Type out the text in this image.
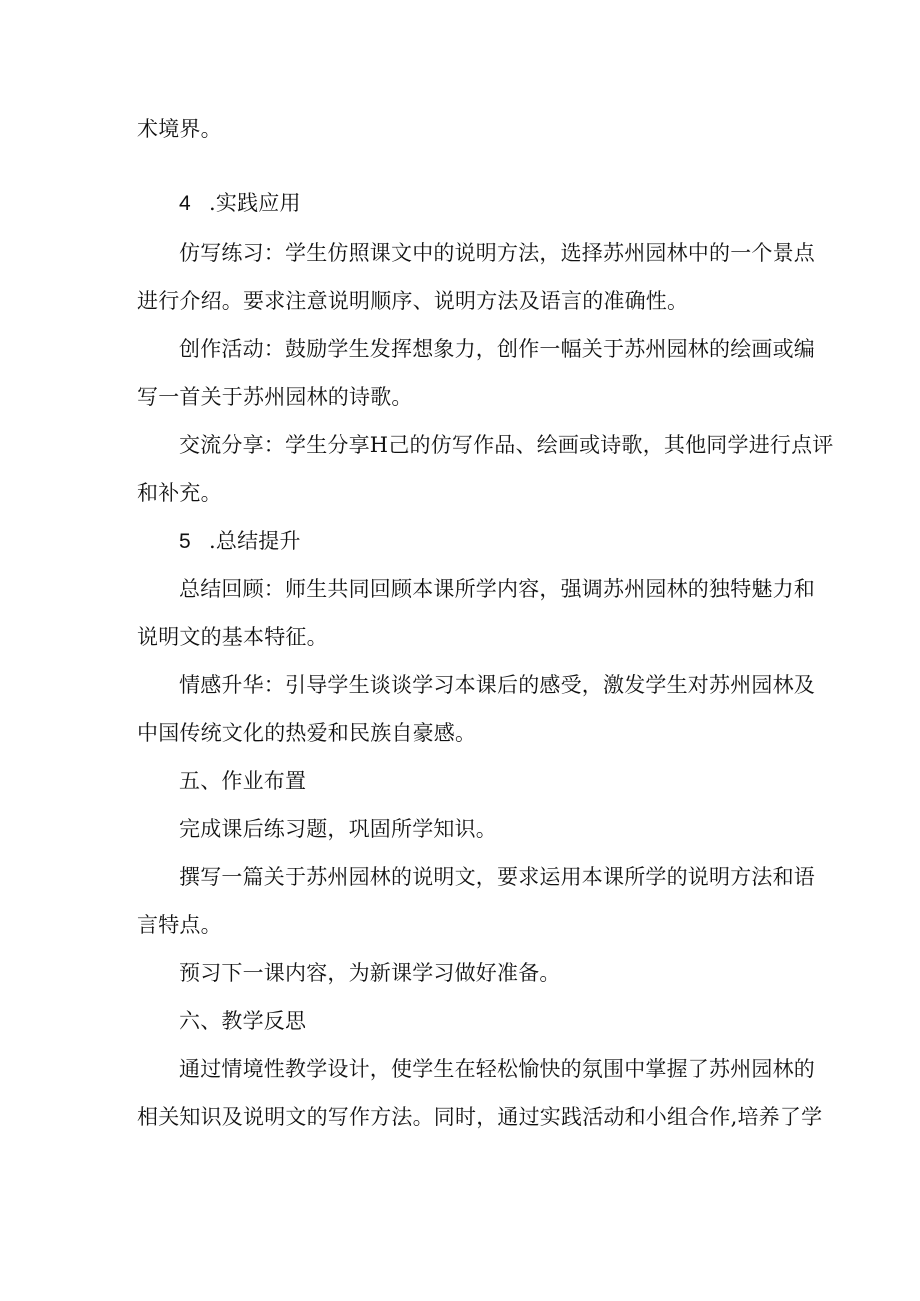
术境界。

4 .实践应用

仿写练习：学生仿照课文中的说明方法，选择苏州园林中的一个景点

进行介绍。要求注意说明顺序、说明方法及语言的准确性。

创作活动：鼓励学生发挥想象力，创作一幅关于苏州园林的绘画或编

写一首关于苏州园林的诗歌。

交流分享：学生分享H己的仿写作品、绘画或诗歌，其他同学进行点评

和补充。

5 .总结提升

总结回顾：师生共同回顾本课所学内容，强调苏州园林的独特魅力和

说明文的基本特征。

情感升华：引导学生谈谈学习本课后的感受，激发学生对苏州园林及

中国传统文化的热爱和民族自豪感。

五、作业布置

完成课后练习题，巩固所学知识。

撰写一篇关于苏州园林的说明文，要求运用本课所学的说明方法和语

言特点。

预习下一课内容，为新课学习做好准备。

六、教学反思

通过情境性教学设计，使学生在轻松愉快的氛围中掌握了苏州园林的

相关知识及说明文的写作方法。同时，通过实践活动和小组合作,培养了学
